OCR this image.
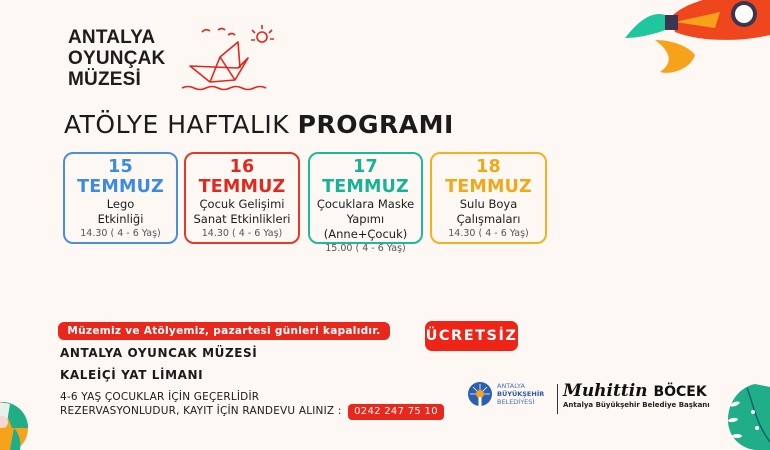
ANTALYA
OYUNÇAK
MÜZESİ
ATÖLYE HAFTALIK PROGRAMI
15 TEMMUZ
Lego
Etkinliği
14.30 ( 4 - 6 Yaş)
16 TEMMUZ
Çocuk Gelişimi
Sanat Etkinlikleri
14.30 ( 4 - 6 Yaş)
17 TEMMUZ
Çocuklara Maske
Yapımı
(Anne+Çocuk)
15.00 ( 4 - 6 Yaş)
18 TEMMUZ
Sulu Boya
Çalışmaları
14.30 ( 4 - 6 Yaş)
Müzemiz ve Atölyemiz, pazartesi günleri kapalıdır.	ÜCRETSİZ
ANTALYA OYUNCAK MÜZESİ
KALEİÇİ YAT LİMANI
4-6 YAŞ ÇOCUKLAR İÇİN GEÇERLİDİR
REZERVASYONLUDUR, KAYIT İÇİN RANDEVU ALINIZ : 0242 247 75 10
ANTALYA
BÜYÜKŞEHİR
BELEDİYESİ
Muhittin BÖCEK
Antalya Büyükşehir Belediye Başkanı
